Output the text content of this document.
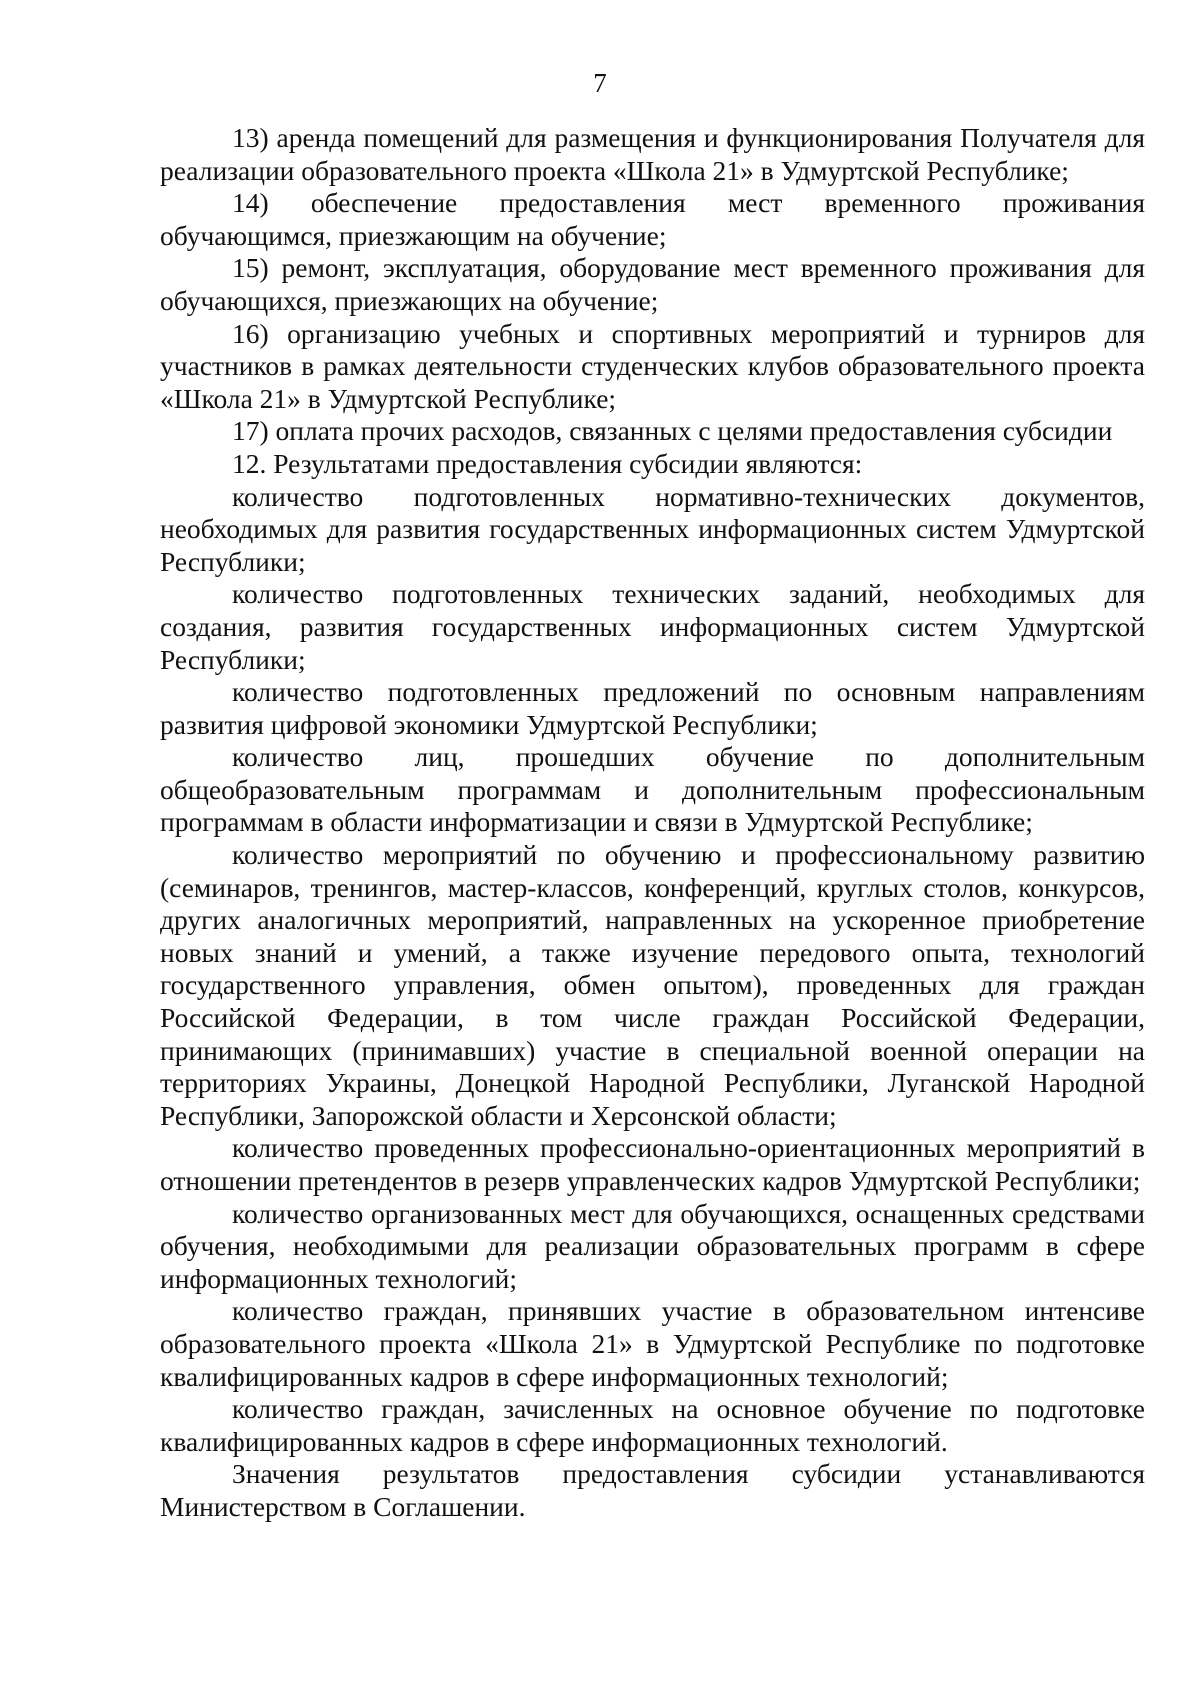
7

13) аренда помещений для размещения и функционирования Получателя для реализации образовательного проекта «Школа 21» в Удмуртской Республике;

14) обеспечение предоставления мест временного проживания обучающимся, приезжающим на обучение;

15) ремонт, эксплуатация, оборудование мест временного проживания для обучающихся, приезжающих на обучение;

16) организацию учебных и спортивных мероприятий и турниров для участников в рамках деятельности студенческих клубов образовательного проекта «Школа 21» в Удмуртской Республике;

17) оплата прочих расходов, связанных с целями предоставления субсидии

12. Результатами предоставления субсидии являются:

количество подготовленных нормативно-технических документов, необходимых для развития государственных информационных систем Удмуртской Республики;

количество подготовленных технических заданий, необходимых для создания, развития государственных информационных систем Удмуртской Республики;

количество подготовленных предложений по основным направлениям развития цифровой экономики Удмуртской Республики;

количество лиц, прошедших обучение по дополнительным общеобразовательным программам и дополнительным профессиональным программам в области информатизации и связи в Удмуртской Республике;

количество мероприятий по обучению и профессиональному развитию (семинаров, тренингов, мастер-классов, конференций, круглых столов, конкурсов, других аналогичных мероприятий, направленных на ускоренное приобретение новых знаний и умений, а также изучение передового опыта, технологий государственного управления, обмен опытом), проведенных для граждан Российской Федерации, в том числе граждан Российской Федерации, принимающих (принимавших) участие в специальной военной операции на территориях Украины, Донецкой Народной Республики, Луганской Народной Республики, Запорожской области и Херсонской области;

количество проведенных профессионально-ориентационных мероприятий в отношении претендентов в резерв управленческих кадров Удмуртской Республики;

количество организованных мест для обучающихся, оснащенных средствами обучения, необходимыми для реализации образовательных программ в сфере информационных технологий;

количество граждан, принявших участие в образовательном интенсиве образовательного проекта «Школа 21» в Удмуртской Республике по подготовке квалифицированных кадров в сфере информационных технологий;

количество граждан, зачисленных на основное обучение по подготовке квалифицированных кадров в сфере информационных технологий.

Значения результатов предоставления субсидии устанавливаются Министерством в Соглашении.
